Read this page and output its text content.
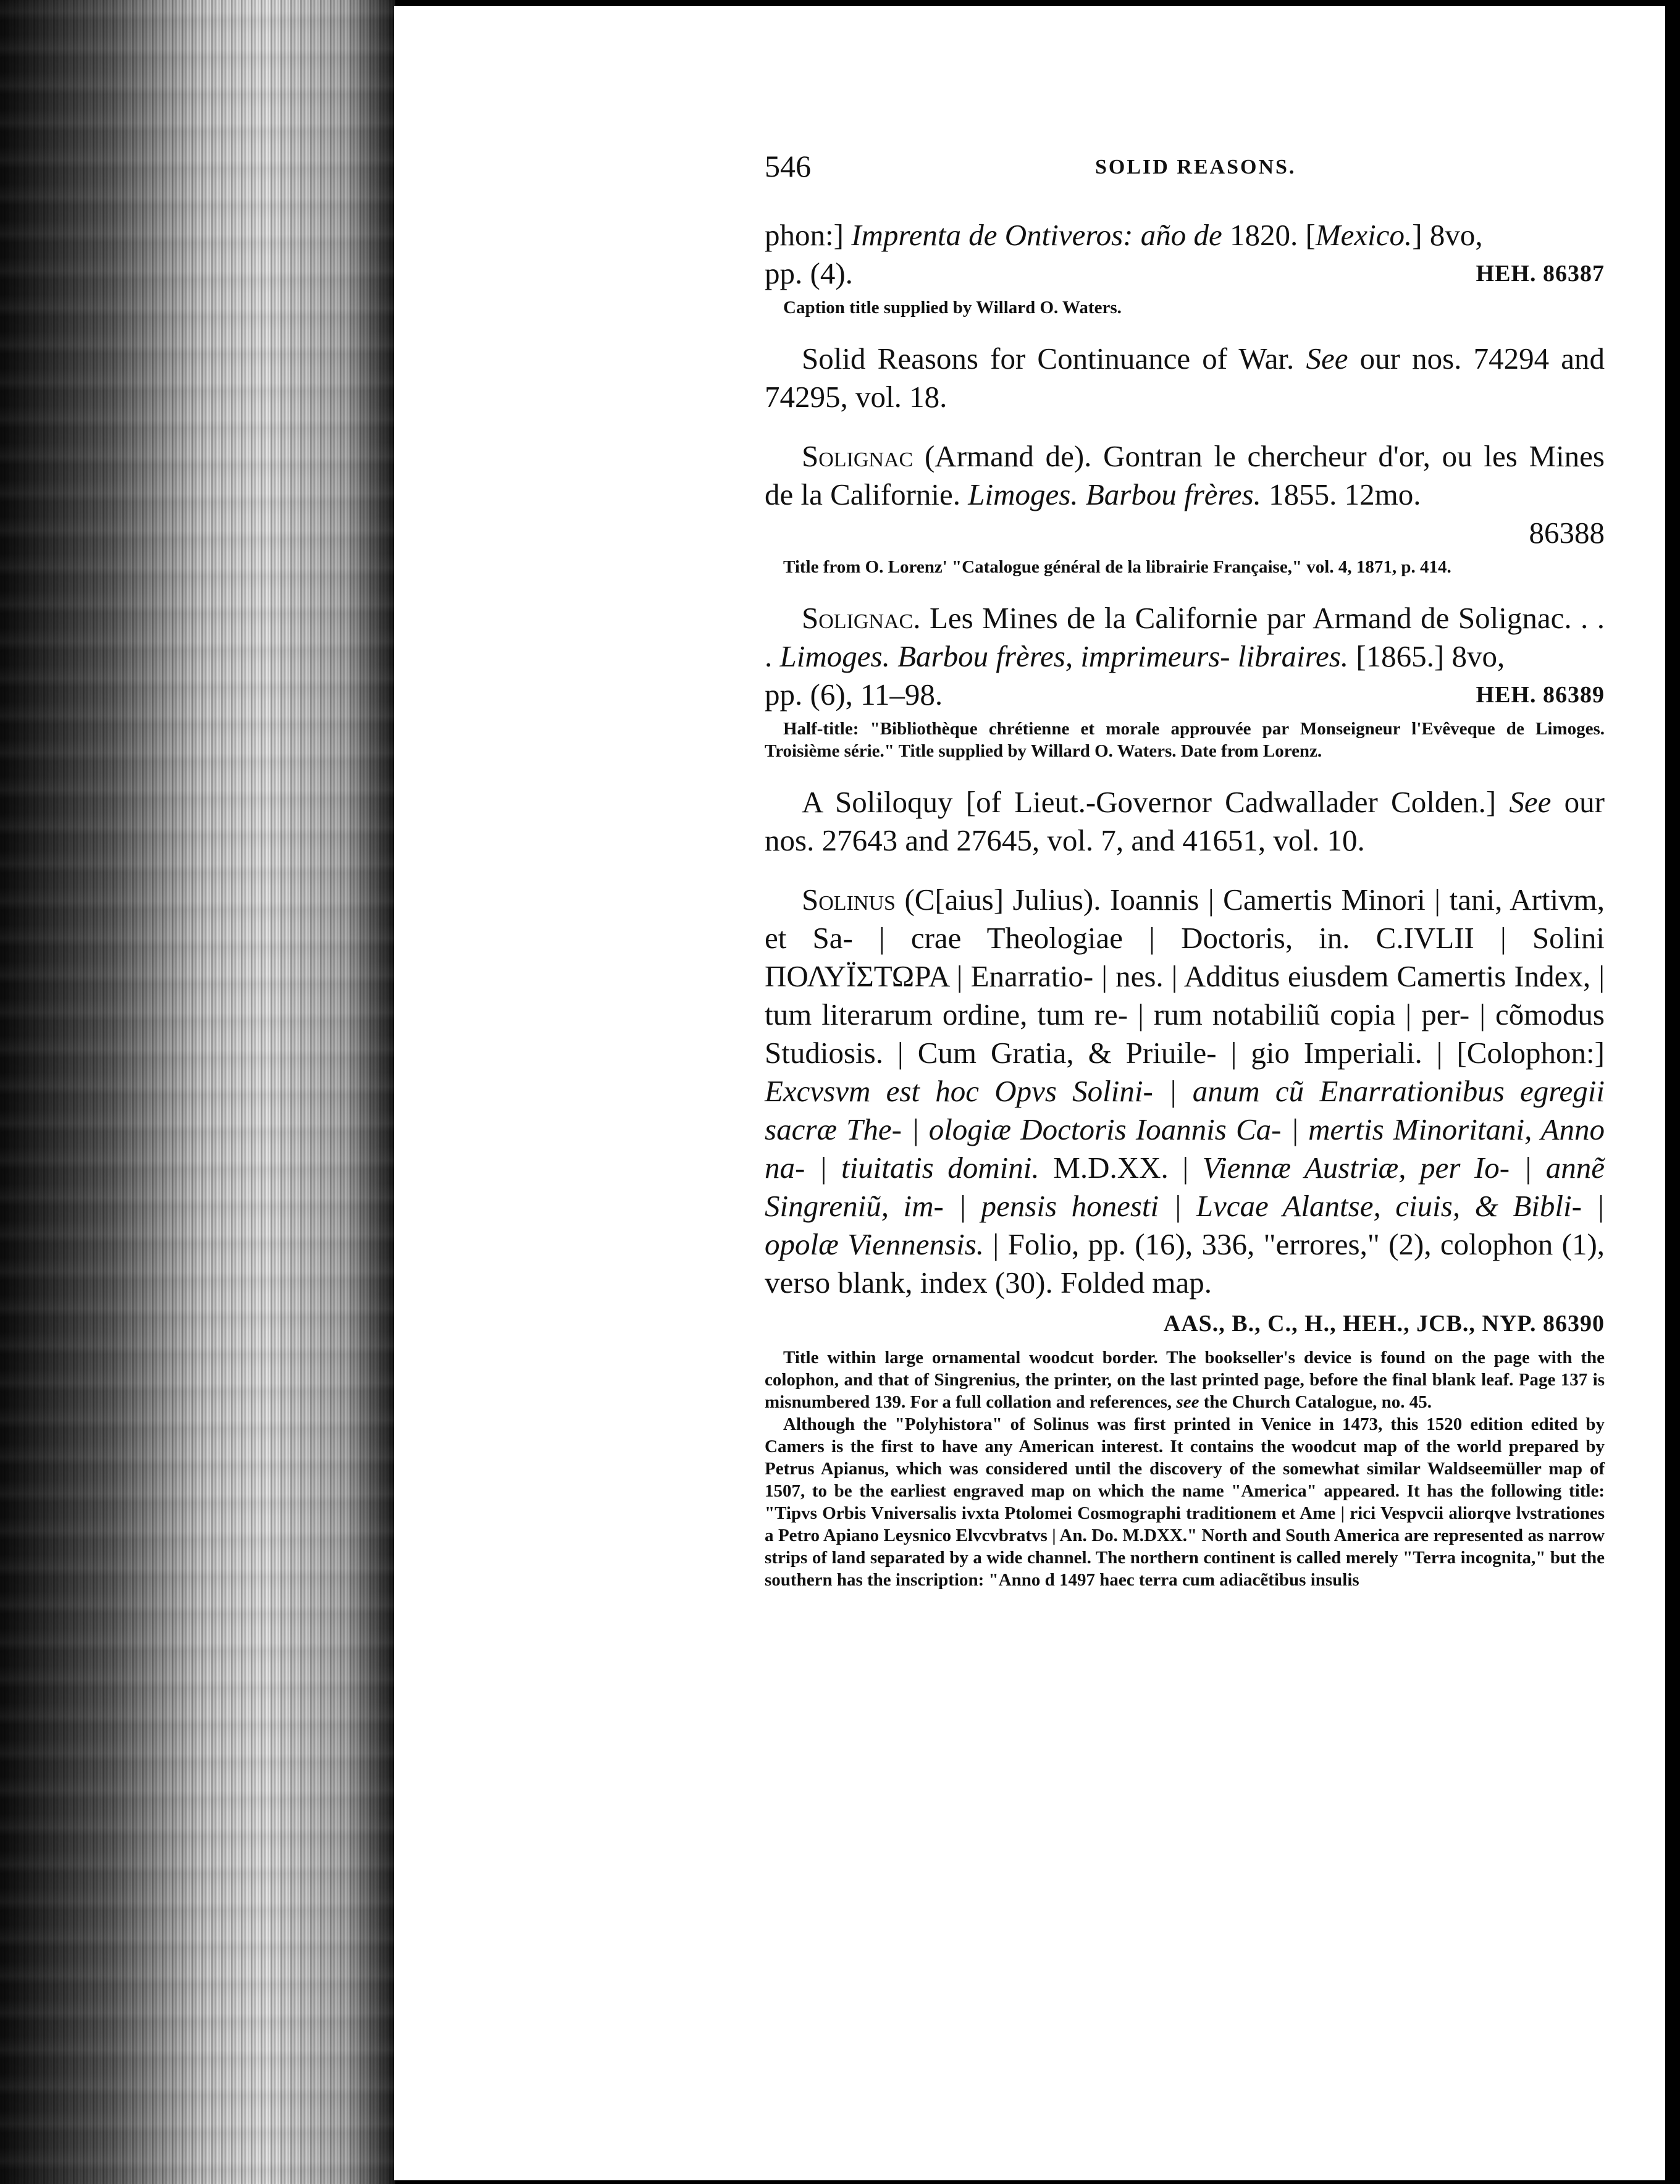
546	SOLID REASONS.

phon:] Imprenta de Ontiveros: año de 1820. [Mexico.] 8vo,

pp. (4).	HEH. 86387

Caption title supplied by Willard O. Waters.

Solid Reasons for Continuance of War. See our nos. 74294 and 74295, vol. 18.

Solignac (Armand de). Gontran le chercheur d'or, ou les Mines de la Californie. Limoges. Barbou frères. 1855. 12mo.

86388

Title from O. Lorenz' "Catalogue général de la librairie Française," vol. 4, 1871, p. 414.

Solignac. Les Mines de la Californie par Armand de Solignac. . . . Limoges. Barbou frères, imprimeurs- libraires. [1865.] 8vo,

pp. (6), 11–98.	HEH. 86389

Half-title: "Bibliothèque chrétienne et morale approuvée par Monseigneur l'Evêveque de Limoges. Troisième série." Title supplied by Willard O. Waters. Date from Lorenz.

A Soliloquy [of Lieut.-Governor Cadwallader Colden.] See our nos. 27643 and 27645, vol. 7, and 41651, vol. 10.

Solinus (C[aius] Julius). Ioannis | Camertis Minori | tani, Artivm, et Sa- | crae Theologiae | Doctoris, in. C.IVLII | Solini ΠΟΛΥΪΣΤΩΡΑ | Enarratio- | nes. | Additus eiusdem Camertis Index, | tum literarum ordine, tum re- | rum notabiliũ copia | per- | cõmodus Studiosis. | Cum Gratia, & Priuile- | gio Imperiali. | [Colophon:] Excvsvm est hoc Opvs Solini- | anum cũ Enarrationibus egregii sacræ The- | ologiæ Doctoris Ioannis Ca- | mertis Minoritani, Anno na- | tiuitatis domini. M.D.XX. | Viennæ Austriæ, per Io- | annẽ Singreniũ, im- | pensis honesti | Lvcae Alantse, ciuis, & Bibli- | opolæ Viennensis. | Folio, pp. (16), 336, "errores," (2), colophon (1), verso blank, index (30). Folded map.

AAS., B., C., H., HEH., JCB., NYP. 86390

Title within large ornamental woodcut border. The bookseller's device is found on the page with the colophon, and that of Singrenius, the printer, on the last printed page, before the final blank leaf. Page 137 is misnumbered 139. For a full collation and references, see the Church Catalogue, no. 45.

Although the "Polyhistora" of Solinus was first printed in Venice in 1473, this 1520 edition edited by Camers is the first to have any American interest. It contains the woodcut map of the world prepared by Petrus Apianus, which was considered until the discovery of the somewhat similar Waldseemüller map of 1507, to be the earliest engraved map on which the name "America" appeared. It has the following title: "Tipvs Orbis Vniversalis ivxta Ptolomei Cosmographi traditionem et Ame | rici Vespvcii aliorqve lvstrationes a Petro Apiano Leysnico Elvcvbratvs | An. Do. M.DXX." North and South America are represented as narrow strips of land separated by a wide channel. The northern continent is called merely "Terra incognita," but the southern has the inscription: "Anno d 1497 haec terra cum adiacẽtibus insulis
